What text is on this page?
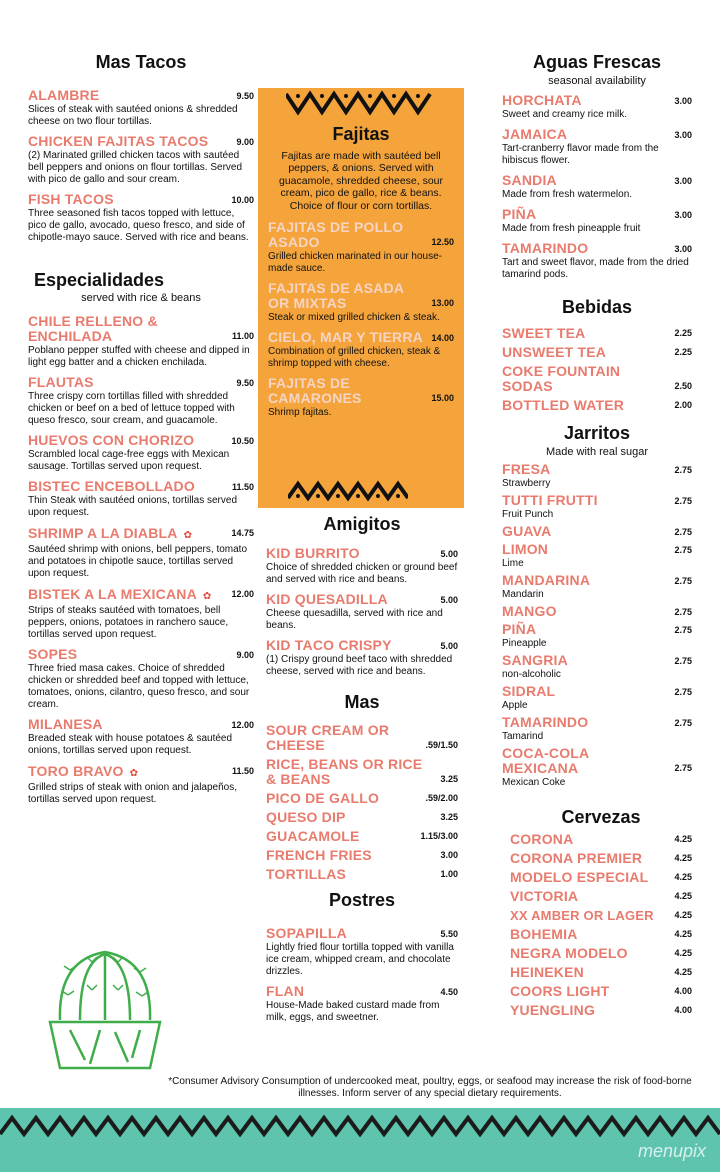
Mas Tacos
ALAMBRE	9.50
Slices of steak with sautéed onions & shredded cheese on two flour tortillas.
CHICKEN FAJITAS TACOS	9.00
(2) Marinated grilled chicken tacos with sautéed bell peppers and onions on flour tortillas. Served with pico de gallo and sour cream.
FISH TACOS	10.00
Three seasoned fish tacos topped with lettuce, pico de gallo, avocado, queso fresco, and side of chipotle-mayo sauce. Served with rice and beans.
Especialidades
served with rice & beans
CHILE RELLENO & ENCHILADA	11.00
Poblano pepper stuffed with cheese and dipped in light egg batter and a chicken enchilada.
FLAUTAS	9.50
Three crispy corn tortillas filled with shredded chicken or beef on a bed of lettuce topped with queso fresco, sour cream, and guacamole.
HUEVOS CON CHORIZO	10.50
Scrambled local cage-free eggs with Mexican sausage. Tortillas served upon request.
BISTEC ENCEBOLLADO	11.50
Thin Steak with sautéed onions, tortillas served upon request.
SHRIMP A LA DIABLA ✿	14.75
Sautéed shrimp with onions, bell peppers, tomato and potatoes in chipotle sauce, tortillas served upon request.
BISTEK A LA MEXICANA ✿	12.00
Strips of steaks sautéed with tomatoes, bell peppers, onions, potatoes in ranchero sauce, tortillas served upon request.
SOPES	9.00
Three fried masa cakes. Choice of shredded chicken or shredded beef and topped with lettuce, tomatoes, onions, cilantro, queso fresco, and sour cream.
MILANESA	12.00
Breaded steak with house potatoes & sautéed onions, tortillas served upon request.
TORO BRAVO ✿	11.50
Grilled strips of steak with onion and jalapeños, tortillas served upon request.
Fajitas
Fajitas are made with sautéed bell peppers, & onions. Served with guacamole, shredded cheese, sour cream, pico de gallo, rice & beans. Choice of flour or corn tortillas.
FAJITAS DE POLLO ASADO	12.50
Grilled chicken marinated in our house-made sauce.
FAJITAS DE ASADA OR MIXTAS	13.00
Steak or mixed grilled chicken & steak.
CIELO, MAR Y TIERRA 14.00
Combination of grilled chicken, steak & shrimp topped with cheese.
FAJITAS DE CAMARONES	15.00
Shrimp fajitas.
Amigitos
KID BURRITO	5.00
Choice of shredded chicken or ground beef and served with rice and beans.
KID QUESADILLA	5.00
Cheese quesadilla, served with rice and beans.
KID TACO CRISPY	5.00
(1) Crispy ground beef taco with shredded cheese, served with rice and beans.
Mas
SOUR CREAM OR CHEESE	.59/1.50
RICE, BEANS OR RICE & BEANS	3.25
PICO DE GALLO	.59/2.00
QUESO DIP	3.25
GUACAMOLE	1.15/3.00
FRENCH FRIES	3.00
TORTILLAS	1.00
Postres
SOPAPILLA	5.50
Lightly fried flour tortilla topped with vanilla ice cream, whipped cream, and chocolate drizzles.
FLAN	4.50
House-Made baked custard made from milk, eggs, and sweetner.
Aguas Frescas
seasonal availability
HORCHATA	3.00
Sweet and creamy rice milk.
JAMAICA	3.00
Tart-cranberry flavor made from the hibiscus flower.
SANDIA	3.00
Made from fresh watermelon.
PIÑA	3.00
Made from fresh pineapple fruit
TAMARINDO	3.00
Tart and sweet flavor, made from the dried tamarind pods.
Bebidas
SWEET TEA	2.25
UNSWEET TEA	2.25
COKE FOUNTAIN SODAS	2.50
BOTTLED WATER	2.00
Jarritos
Made with real sugar
FRESA	2.75
Strawberry
TUTTI FRUTTI	2.75
Fruit Punch
GUAVA	2.75
LIMON	2.75
Lime
MANDARINA	2.75
Mandarin
MANGO	2.75
PIÑA	2.75
Pineapple
SANGRIA	2.75
non-alcoholic
SIDRAL	2.75
Apple
TAMARINDO	2.75
Tamarind
COCA-COLA MEXICANA	2.75
Mexican Coke
Cervezas
CORONA	4.25
CORONA PREMIER	4.25
MODELO ESPECIAL	4.25
VICTORIA	4.25
XX AMBER OR LAGER	4.25
BOHEMIA	4.25
NEGRA MODELO	4.25
HEINEKEN	4.25
COORS LIGHT	4.00
YUENGLING	4.00
*Consumer Advisory Consumption of undercooked meat, poultry, eggs, or seafood may increase the risk of food-borne illnesses. Inform server of any special dietary requirements.
menupix
